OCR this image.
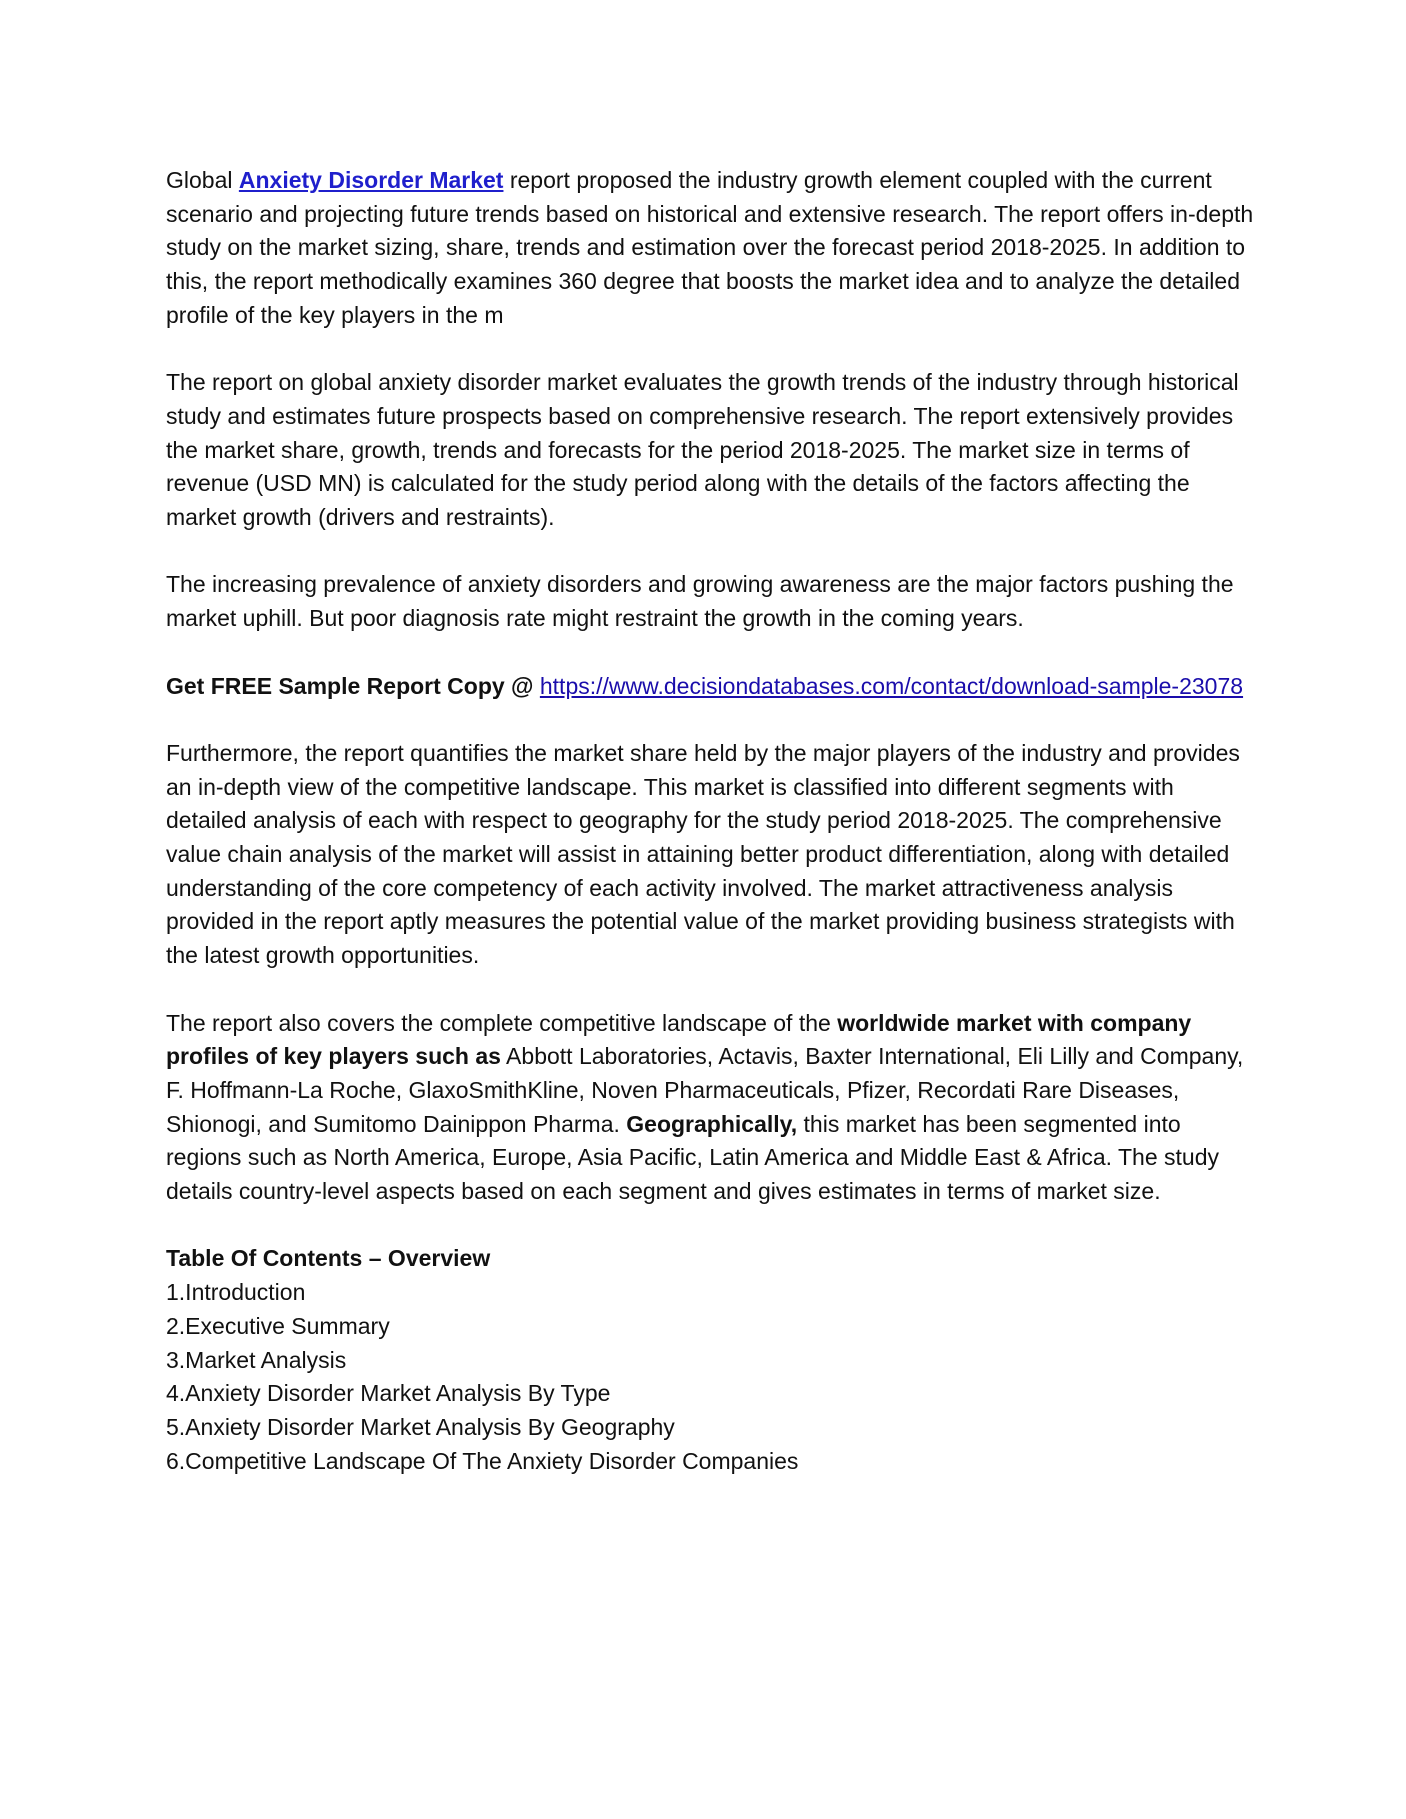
Global Anxiety Disorder Market report proposed the industry growth element coupled with the current scenario and projecting future trends based on historical and extensive research. The report offers in-depth study on the market sizing, share, trends and estimation over the forecast period 2018-2025. In addition to this, the report methodically examines 360 degree that boosts the market idea and to analyze the detailed profile of the key players in the m

The report on global anxiety disorder market evaluates the growth trends of the industry through historical study and estimates future prospects based on comprehensive research. The report extensively provides the market share, growth, trends and forecasts for the period 2018-2025. The market size in terms of revenue (USD MN) is calculated for the study period along with the details of the factors affecting the market growth (drivers and restraints).

The increasing prevalence of anxiety disorders and growing awareness are the major factors pushing the market uphill. But poor diagnosis rate might restraint the growth in the coming years.

Get FREE Sample Report Copy @ https://www.decisiondatabases.com/contact/download-sample-23078

Furthermore, the report quantifies the market share held by the major players of the industry and provides an in-depth view of the competitive landscape. This market is classified into different segments with detailed analysis of each with respect to geography for the study period 2018-2025. The comprehensive value chain analysis of the market will assist in attaining better product differentiation, along with detailed understanding of the core competency of each activity involved. The market attractiveness analysis provided in the report aptly measures the potential value of the market providing business strategists with the latest growth opportunities.

The report also covers the complete competitive landscape of the worldwide market with company profiles of key players such as Abbott Laboratories, Actavis, Baxter International, Eli Lilly and Company, F. Hoffmann-La Roche, GlaxoSmithKline, Noven Pharmaceuticals, Pfizer, Recordati Rare Diseases, Shionogi, and Sumitomo Dainippon Pharma. Geographically, this market has been segmented into regions such as North America, Europe, Asia Pacific, Latin America and Middle East & Africa. The study details country-level aspects based on each segment and gives estimates in terms of market size.

Table Of Contents – Overview
1.Introduction
2.Executive Summary
3.Market Analysis
4.Anxiety Disorder Market Analysis By Type
5.Anxiety Disorder Market Analysis By Geography
6.Competitive Landscape Of The Anxiety Disorder Companies
